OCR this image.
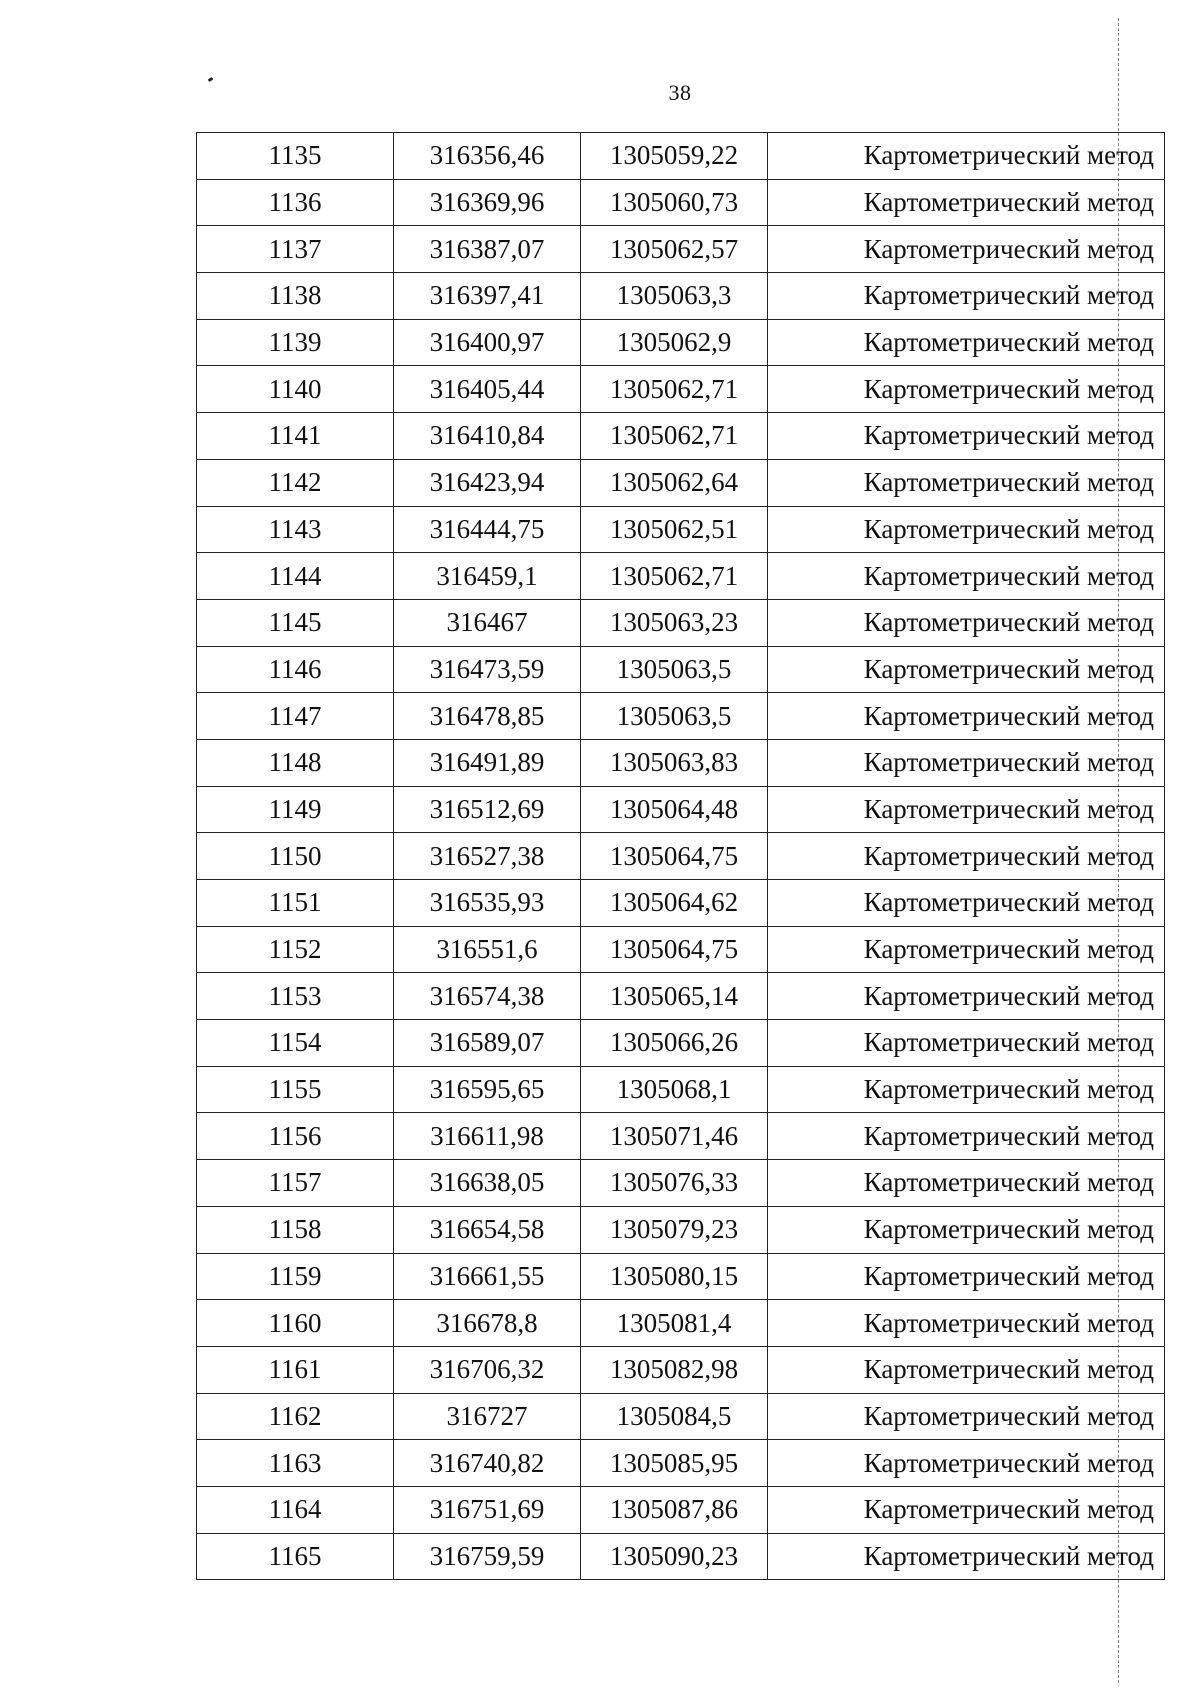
38
1135	316356,46	1305059,22	Картометрический метод
1136	316369,96	1305060,73	Картометрический метод
1137	316387,07	1305062,57	Картометрический метод
1138	316397,41	1305063,3	Картометрический метод
1139	316400,97	1305062,9	Картометрический метод
1140	316405,44	1305062,71	Картометрический метод
1141	316410,84	1305062,71	Картометрический метод
1142	316423,94	1305062,64	Картометрический метод
1143	316444,75	1305062,51	Картометрический метод
1144	316459,1	1305062,71	Картометрический метод
1145	316467	1305063,23	Картометрический метод
1146	316473,59	1305063,5	Картометрический метод
1147	316478,85	1305063,5	Картометрический метод
1148	316491,89	1305063,83	Картометрический метод
1149	316512,69	1305064,48	Картометрический метод
1150	316527,38	1305064,75	Картометрический метод
1151	316535,93	1305064,62	Картометрический метод
1152	316551,6	1305064,75	Картометрический метод
1153	316574,38	1305065,14	Картометрический метод
1154	316589,07	1305066,26	Картометрический метод
1155	316595,65	1305068,1	Картометрический метод
1156	316611,98	1305071,46	Картометрический метод
1157	316638,05	1305076,33	Картометрический метод
1158	316654,58	1305079,23	Картометрический метод
1159	316661,55	1305080,15	Картометрический метод
1160	316678,8	1305081,4	Картометрический метод
1161	316706,32	1305082,98	Картометрический метод
1162	316727	1305084,5	Картометрический метод
1163	316740,82	1305085,95	Картометрический метод
1164	316751,69	1305087,86	Картометрический метод
1165	316759,59	1305090,23	Картометрический метод
